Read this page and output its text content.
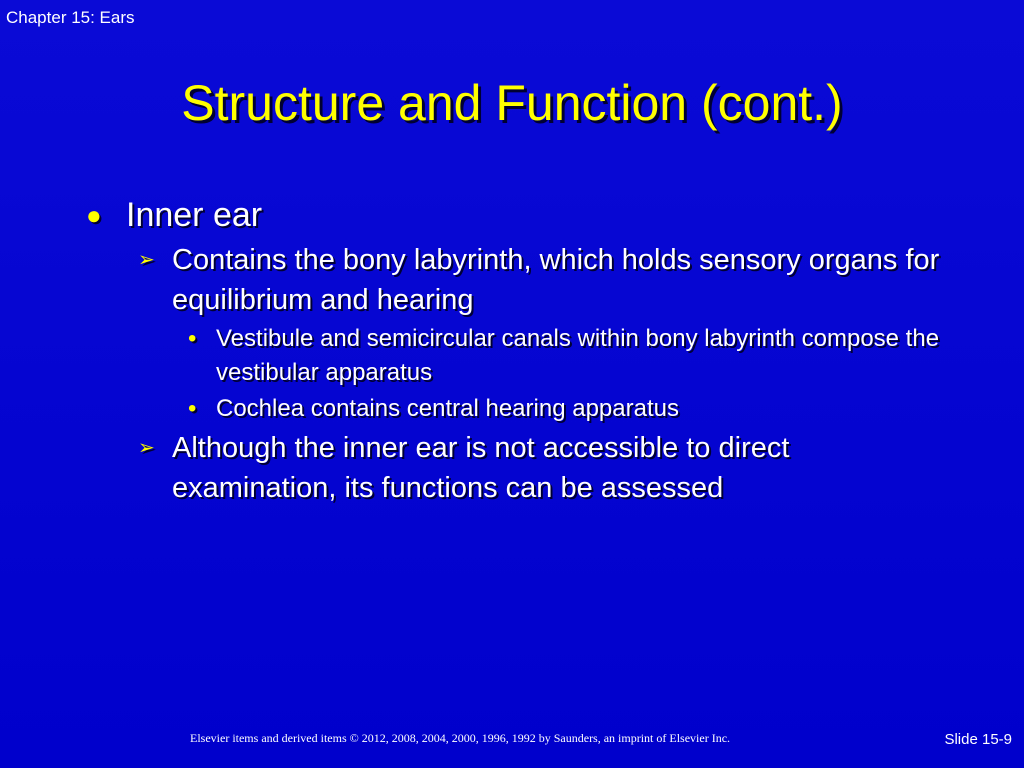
Chapter 15: Ears
Structure and Function (cont.)
● Inner ear
➢ Contains the bony labyrinth, which holds sensory organs for equilibrium and hearing
• Vestibule and semicircular canals within bony labyrinth compose the vestibular apparatus
• Cochlea contains central hearing apparatus
➢ Although the inner ear is not accessible to direct examination, its functions can be assessed
Elsevier items and derived items © 2012, 2008, 2004, 2000, 1996, 1992 by Saunders, an imprint of Elsevier Inc.	Slide 15-9
